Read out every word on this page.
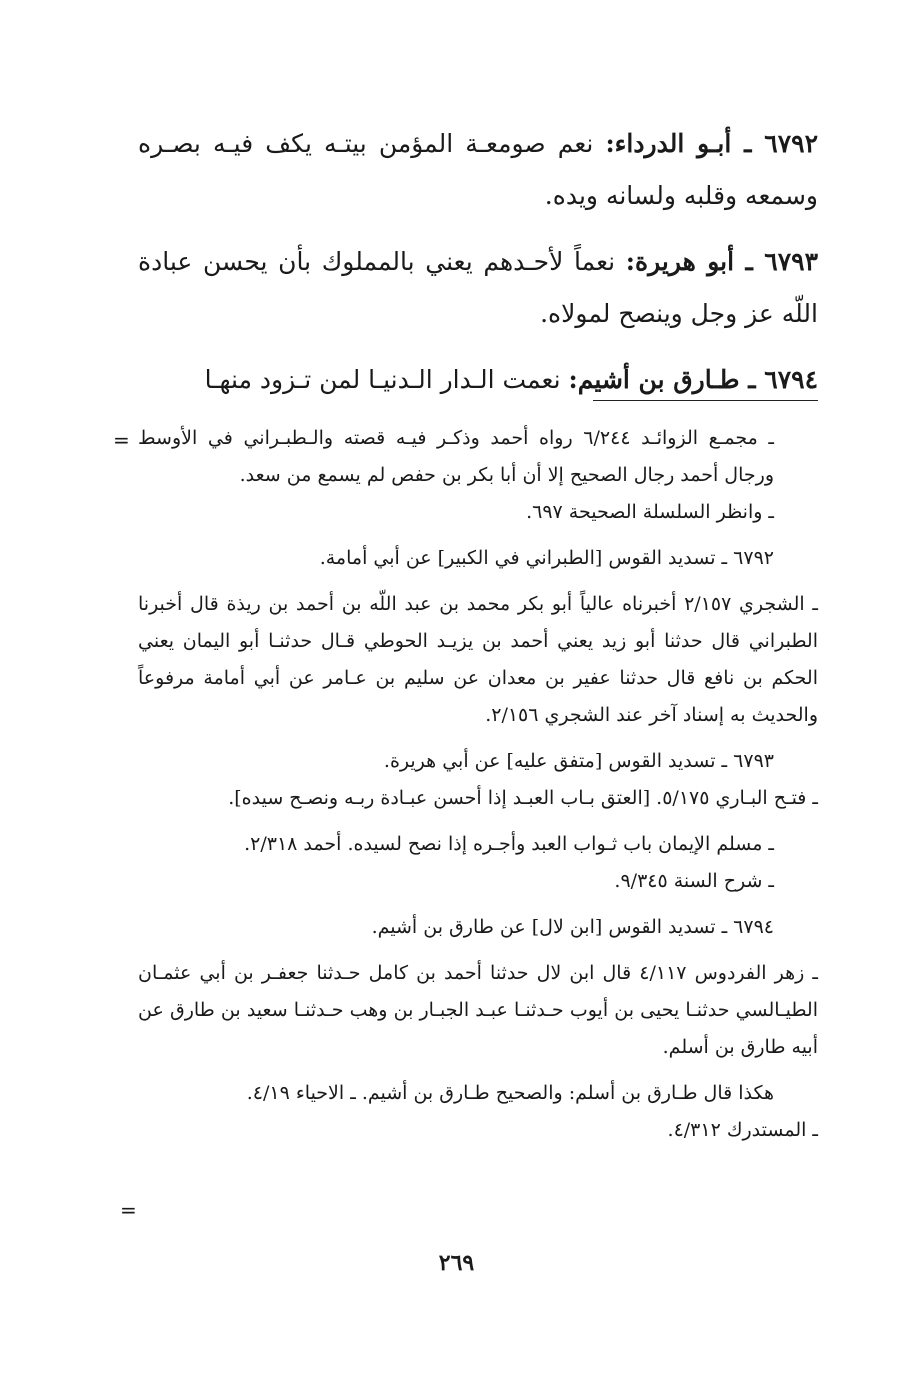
٦٧٩٢ ـ أبـو الدرداء: نعم صومعـة المؤمن بيتـه يكف فيـه بصـره وسمعه وقلبه ولسانه ويده.

٦٧٩٣ ـ أبو هريرة: نعماً لأحـدهم يعني بالمملوك بأن يحسن عبادة اللّه عز وجل وينصح لمولاه.

٦٧٩٤ ـ طـارق بن أشيم: نعمت الـدار الـدنيـا لمن تـزود منهـا

= ـ مجمـع الزوائـد ٦/٢٤٤ رواه أحمد وذكـر فيـه قصته والـطبـراني في الأوسط ورجال أحمد رجال الصحيح إلا أن أبا بكر بن حفص لم يسمع من سعد.

ـ وانظر السلسلة الصحيحة ٦٩٧.

٦٧٩٢ ـ تسديد القوس [الطبراني في الكبير] عن أبي أمامة.

ـ الشجري ٢/١٥٧ أخبرناه عالياً أبو بكر محمد بن عبد اللّه بن أحمد بن ريذة قال أخبرنا الطبراني قال حدثنا أبو زيد يعني أحمد بن يزيـد الحوطي قـال حدثنـا أبو اليمان يعني الحكم بن نافع قال حدثنا عفير بن معدان عن سليم بن عـامر عن أبي أمامة مرفوعاً والحديث به إسناد آخر عند الشجري ٢/١٥٦.

٦٧٩٣ ـ تسديد القوس [متفق عليه] عن أبي هريرة.

ـ فتـح البـاري ٥/١٧٥. [العتق بـاب العبـد إذا أحسن عبـادة ربـه ونصـح سيده].

ـ مسلم الإيمان باب ثـواب العبد وأجـره إذا نصح لسيده. أحمد ٢/٣١٨.

ـ شرح السنة ٩/٣٤٥.

٦٧٩٤ ـ تسديد القوس [ابن لال] عن طارق بن أشيم.

ـ زهر الفردوس ٤/١١٧ قال ابن لال حدثنا أحمد بن كامل حـدثنا جعفـر بن أبي عثمـان الطيـالسي حدثنـا يحيى بن أيوب حـدثنـا عبـد الجبـار بن وهب حـدثنـا سعيد بن طارق عن أبيه طارق بن أسلم.

هكذا قال طـارق بن أسلم: والصحيح طـارق بن أشيم. ـ الاحياء ٤/١٩.

ـ المستدرك ٤/٣١٢.

=
٢٦٩
